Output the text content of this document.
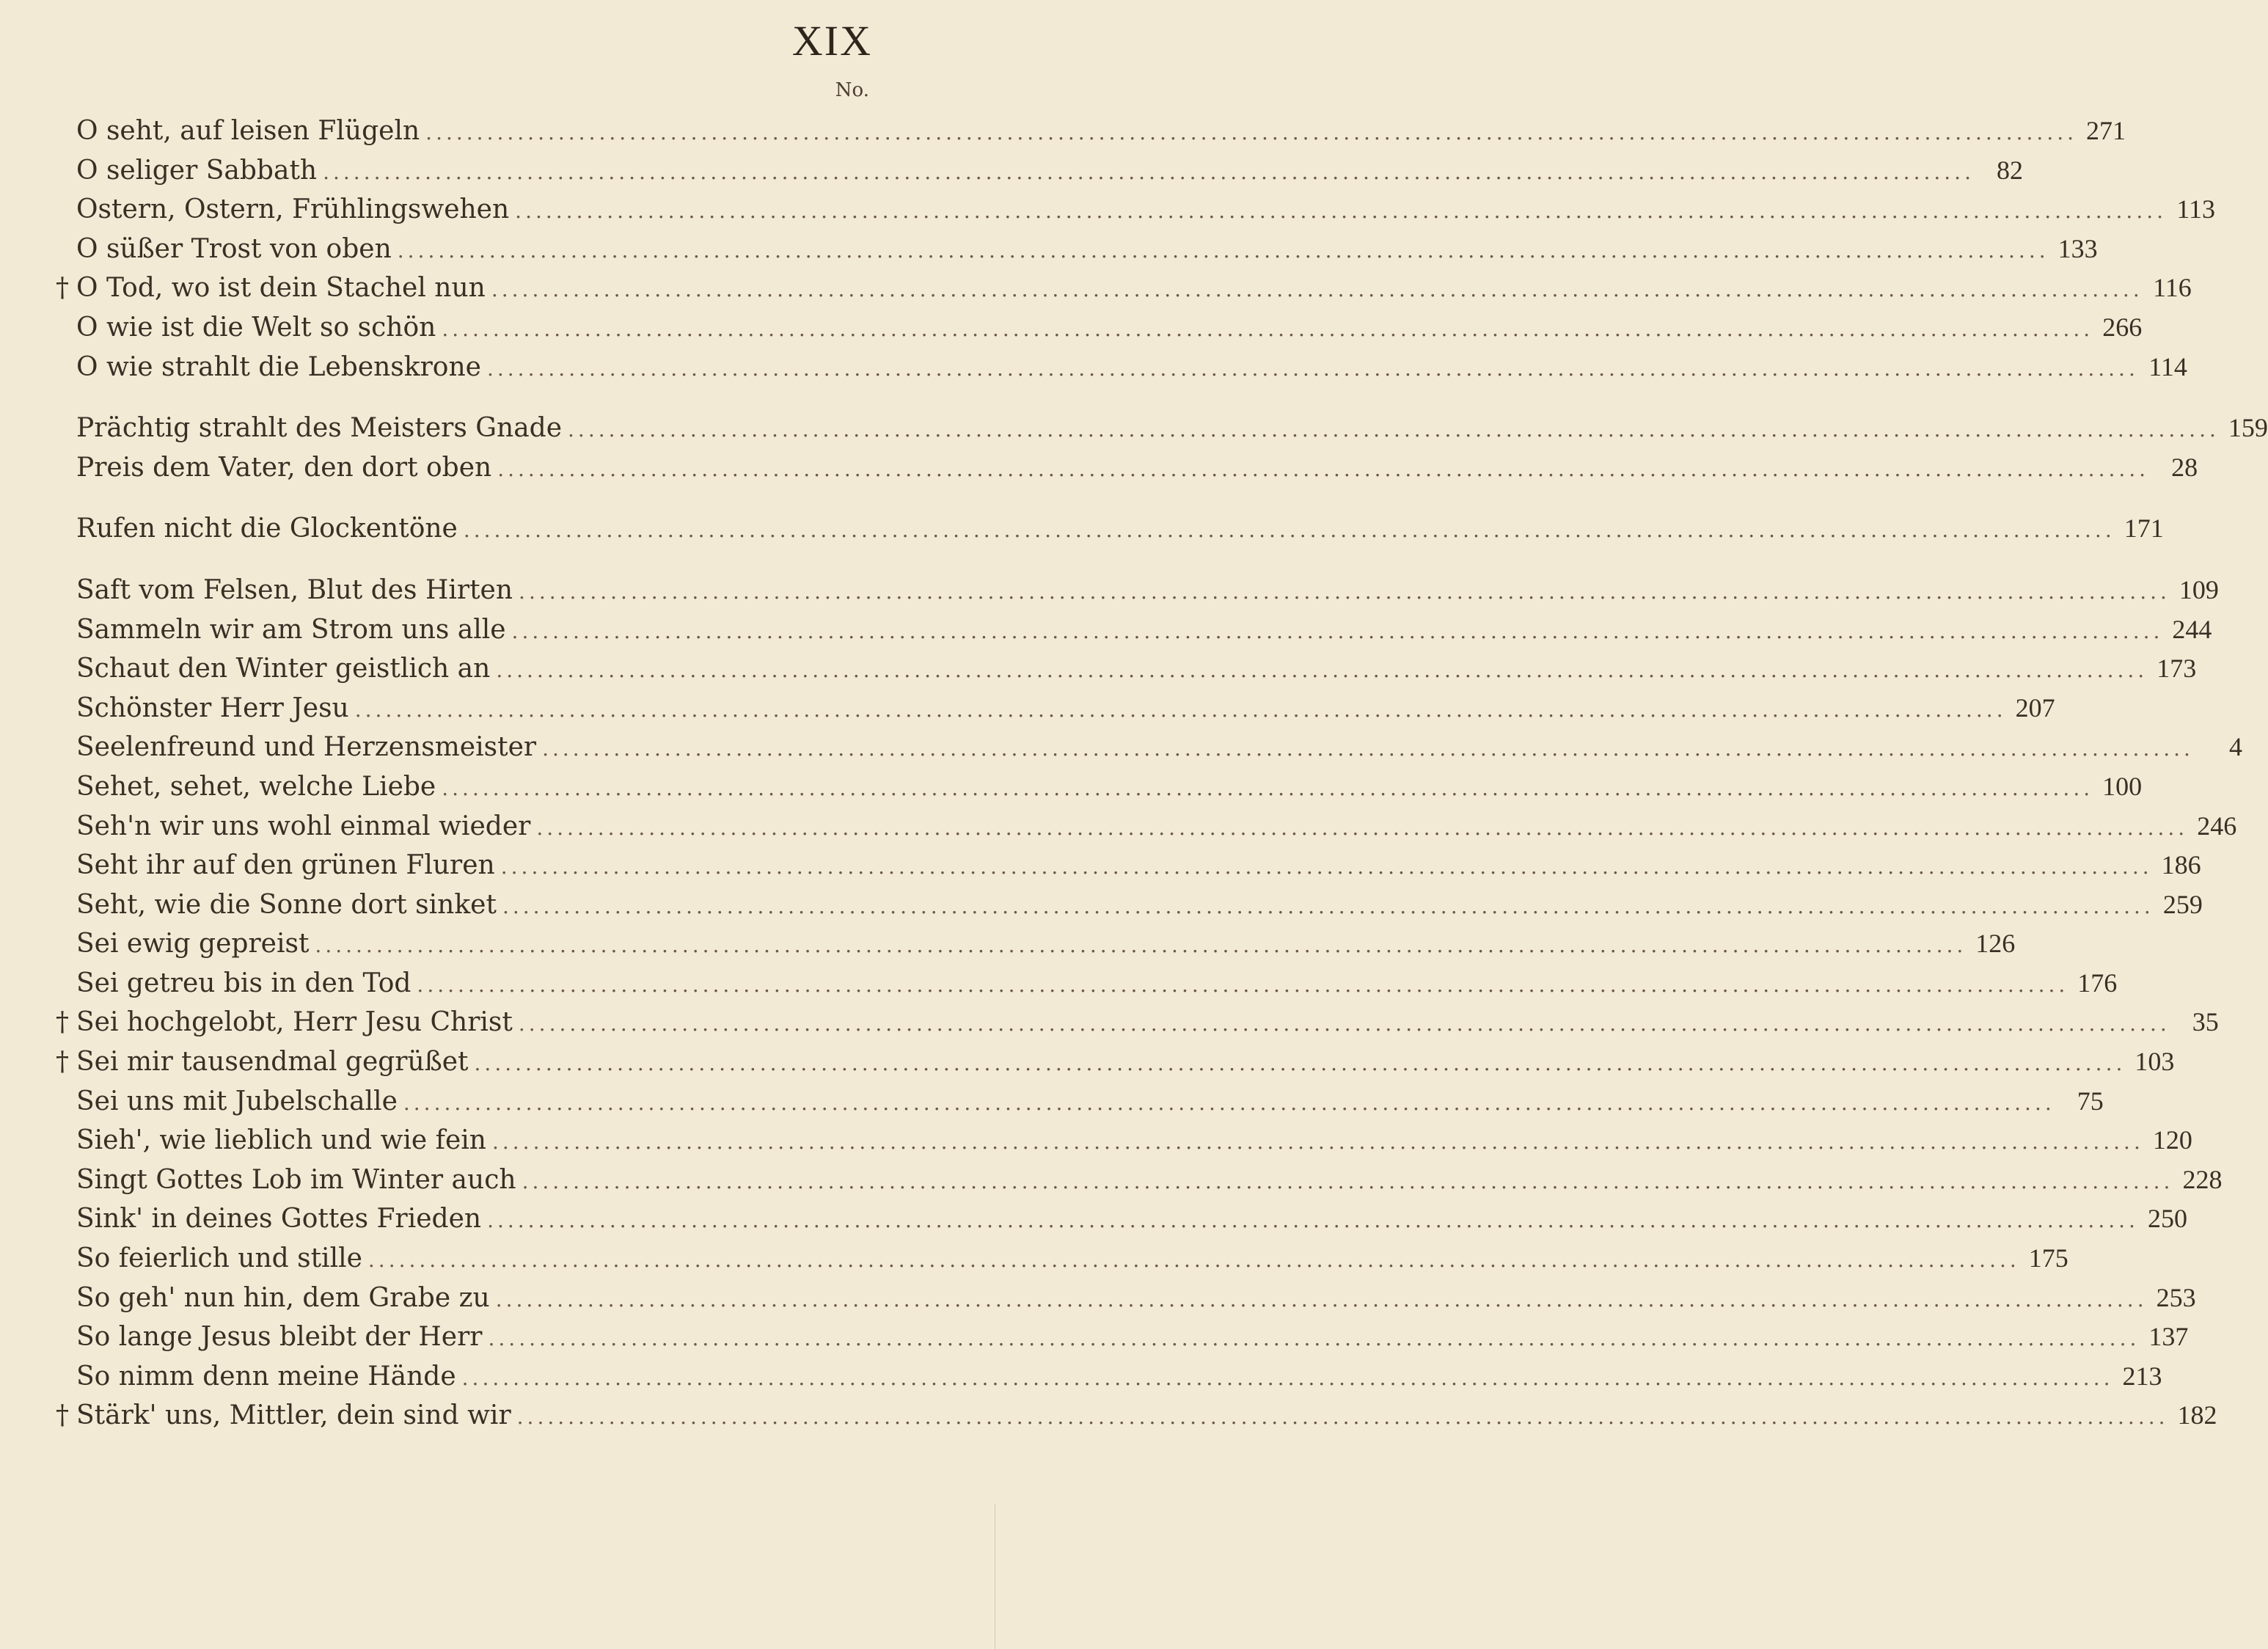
XIX
No.
O seht, auf leisen Flügeln .....	271
O seliger Sabbath .....	82
Ostern, Ostern, Frühlingswehen .....	113
O süßer Trost von oben .....	133
† O Tod, wo ist dein Stachel nun .....	116
O wie ist die Welt so schön .....	266
O wie strahlt die Lebenskrone .....	114
Prächtig strahlt des Meisters Gnade .....	159
Preis dem Vater, den dort oben .....	28
Rufen nicht die Glockentöne .....	171
Saft vom Felsen, Blut des Hirten .....	109
Sammeln wir am Strom uns alle .....	244
Schaut den Winter geistlich an .....	173
Schönster Herr Jesu .....	207
Seelenfreund und Herzensmeister .....	4
Sehet, sehet, welche Liebe .....	100
Seh'n wir uns wohl einmal wieder .....	246
Seht ihr auf den grünen Fluren .....	186
Seht, wie die Sonne dort sinket .....	259
Sei ewig gepreist .....	126
Sei getreu bis in den Tod .....	176
† Sei hochgelobt, Herr Jesu Christ .....	35
† Sei mir tausendmal gegrüßet .....	103
Sei uns mit Jubelschalle .....	75
Sieh', wie lieblich und wie fein .....	120
Singt Gottes Lob im Winter auch .....	228
Sink' in deines Gottes Frieden .....	250
So feierlich und stille .....	175
So geh' nun hin, dem Grabe zu .....	253
So lange Jesus bleibt der Herr .....	137
So nimm denn meine Hände .....	213
† Stärk' uns, Mittler, dein sind wir .....	182
